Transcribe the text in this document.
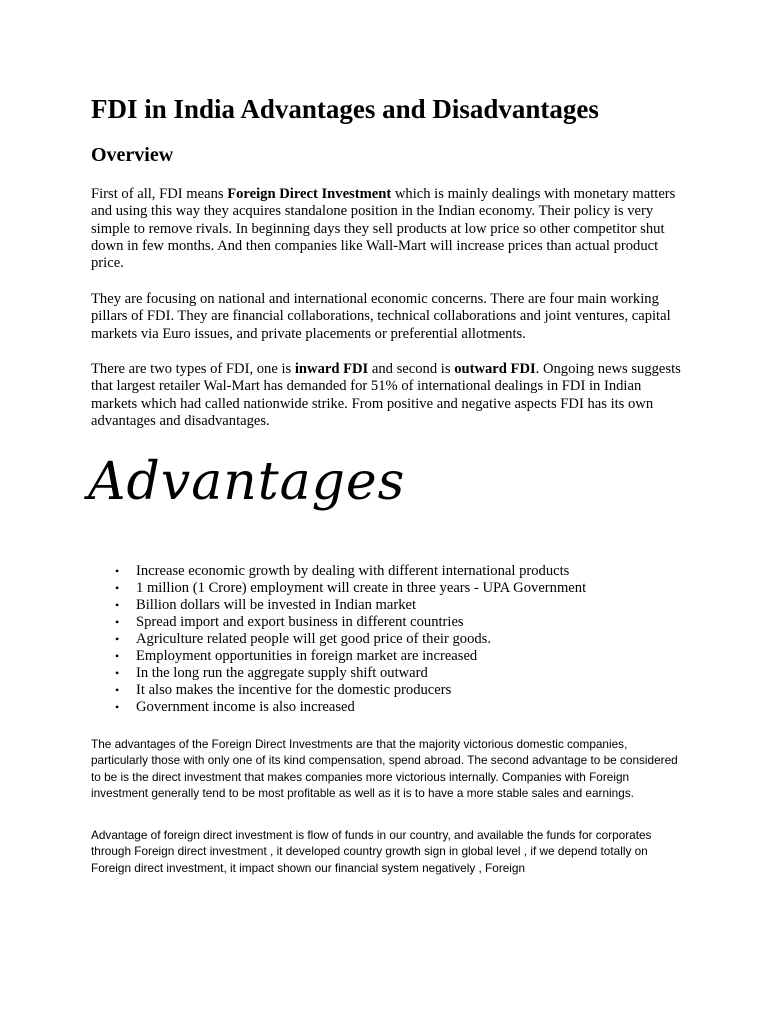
FDI in India Advantages and Disadvantages
Overview

First of all, FDI means Foreign Direct Investment which is mainly dealings with monetary matters and using this way they acquires standalone position in the Indian economy. Their policy is very simple to remove rivals. In beginning days they sell products at low price so other competitor shut down in few months. And then companies like Wall-Mart will increase prices than actual product price.

They are focusing on national and international economic concerns. There are four main working pillars of FDI. They are financial collaborations, technical collaborations and joint ventures, capital markets via Euro issues, and private placements or preferential allotments.

There are two types of FDI, one is inward FDI and second is outward FDI. Ongoing news suggests that largest retailer Wal-Mart has demanded for 51% of international dealings in FDI in Indian markets which had called nationwide strike. From positive and negative aspects FDI has its own advantages and disadvantages.

Advantages
• Increase economic growth by dealing with different international products
• 1 million (1 Crore) employment will create in three years - UPA Government
• Billion dollars will be invested in Indian market
• Spread import and export business in different countries
• Agriculture related people will get good price of their goods.
• Employment opportunities in foreign market are increased
• In the long run the aggregate supply shift outward
• It also makes the incentive for the domestic producers
• Government income is also increased

The advantages of the Foreign Direct Investments are that the majority victorious domestic companies, particularly those with only one of its kind compensation, spend abroad. The second advantage to be considered to be is the direct investment that makes companies more victorious internally. Companies with Foreign investment generally tend to be most profitable as well as it is to have a more stable sales and earnings.

Advantage of foreign direct investment is flow of funds in our country, and available the funds for corporates through Foreign direct investment , it developed country growth sign in global level , if we depend totally on Foreign direct investment, it impact shown our financial system negatively , Foreign
